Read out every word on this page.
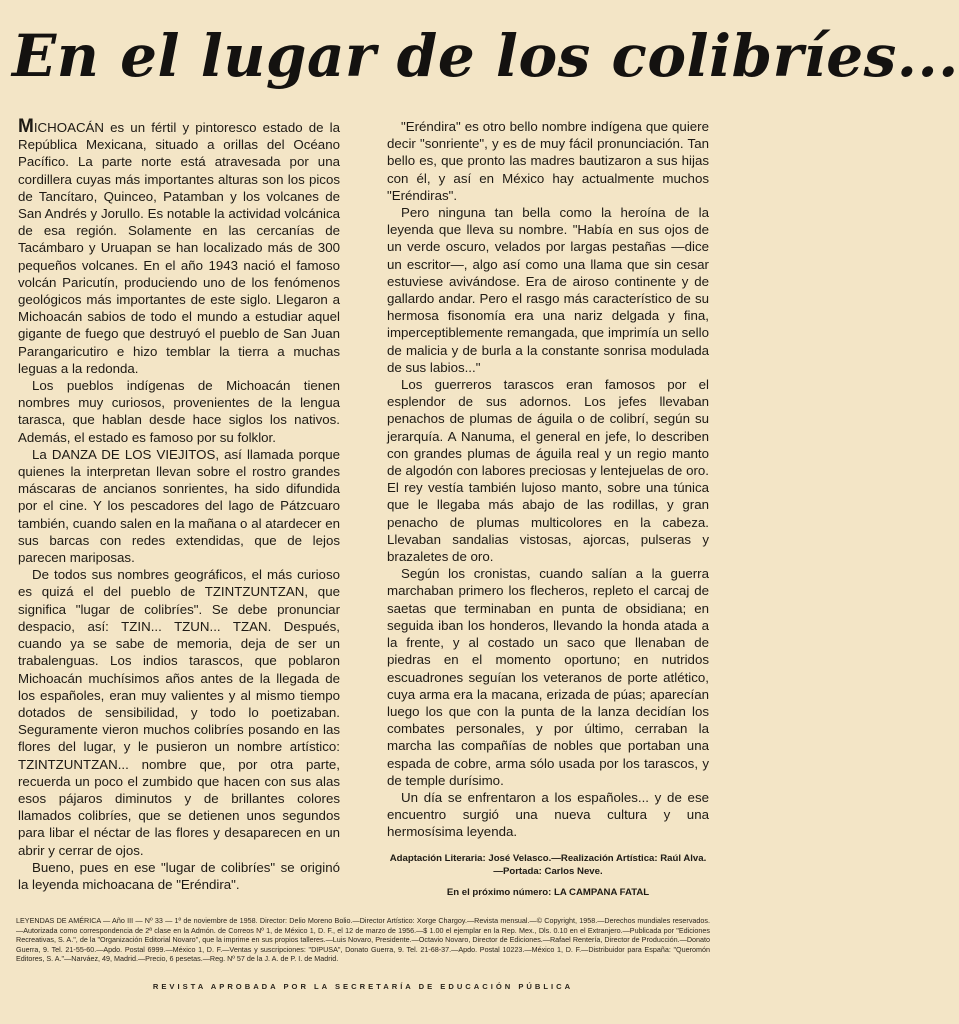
En el lugar de los colibríes...

MICHOACÁN es un fértil y pintoresco estado de la República Mexicana, situado a orillas del Océano Pacífico. La parte norte está atravesada por una cordillera cuyas más importantes alturas son los picos de Tancítaro, Quinceo, Patamban y los volcanes de San Andrés y Jorullo. Es notable la actividad volcánica de esa región. Solamente en las cercanías de Tacámbaro y Uruapan se han localizado más de 300 pequeños volcanes. En el año 1943 nació el famoso volcán Paricutín, produciendo uno de los fenómenos geológicos más importantes de este siglo. Llegaron a Michoacán sabios de todo el mundo a estudiar aquel gigante de fuego que destruyó el pueblo de San Juan Parangaricutiro e hizo temblar la tierra a muchas leguas a la redonda.

Los pueblos indígenas de Michoacán tienen nombres muy curiosos, provenientes de la lengua tarasca, que hablan desde hace siglos los nativos. Además, el estado es famoso por su folklor.

La DANZA DE LOS VIEJITOS, así llamada porque quienes la interpretan llevan sobre el rostro grandes máscaras de ancianos sonrientes, ha sido difundida por el cine. Y los pescadores del lago de Pátzcuaro también, cuando salen en la mañana o al atardecer en sus barcas con redes extendidas, que de lejos parecen mariposas.

De todos sus nombres geográficos, el más curioso es quizá el del pueblo de TZINTZUNTZAN, que significa "lugar de colibríes". Se debe pronunciar despacio, así: TZIN... TZUN... TZAN. Después, cuando ya se sabe de memoria, deja de ser un trabalenguas. Los indios tarascos, que poblaron Michoacán muchísimos años antes de la llegada de los españoles, eran muy valientes y al mismo tiempo dotados de sensibilidad, y todo lo poetizaban. Seguramente vieron muchos colibríes posando en las flores del lugar, y le pusieron un nombre artístico: TZINTZUNTZAN... nombre que, por otra parte, recuerda un poco el zumbido que hacen con sus alas esos pájaros diminutos y de brillantes colores llamados colibríes, que se detienen unos segundos para libar el néctar de las flores y desaparecen en un abrir y cerrar de ojos.

Bueno, pues en ese "lugar de colibríes" se originó la leyenda michoacana de "Eréndira".

"Eréndira" es otro bello nombre indígena que quiere decir "sonriente", y es de muy fácil pronunciación. Tan bello es, que pronto las madres bautizaron a sus hijas con él, y así en México hay actualmente muchos "Eréndiras".

Pero ninguna tan bella como la heroína de la leyenda que lleva su nombre. "Había en sus ojos de un verde oscuro, velados por largas pestañas —dice un escritor—, algo así como una llama que sin cesar estuviese avivándose. Era de airoso continente y de gallardo andar. Pero el rasgo más característico de su hermosa fisonomía era una nariz delgada y fina, imperceptiblemente remangada, que imprimía un sello de malicia y de burla a la constante sonrisa modulada de sus labios..."

Los guerreros tarascos eran famosos por el esplendor de sus adornos. Los jefes llevaban penachos de plumas de águila o de colibrí, según su jerarquía. A Nanuma, el general en jefe, lo describen con grandes plumas de águila real y un regio manto de algodón con labores preciosas y lentejuelas de oro. El rey vestía también lujoso manto, sobre una túnica que le llegaba más abajo de las rodillas, y gran penacho de plumas multicolores en la cabeza. Llevaban sandalias vistosas, ajorcas, pulseras y brazaletes de oro.

Según los cronistas, cuando salían a la guerra marchaban primero los flecheros, repleto el carcaj de saetas que terminaban en punta de obsidiana; en seguida iban los honderos, llevando la honda atada a la frente, y al costado un saco que llenaban de piedras en el momento oportuno; en nutridos escuadrones seguían los veteranos de porte atlético, cuya arma era la macana, erizada de púas; aparecían luego los que con la punta de la lanza decidían los combates personales, y por último, cerraban la marcha las compañías de nobles que portaban una espada de cobre, arma sólo usada por los tarascos, y de temple durísimo.

Un día se enfrentaron a los españoles... y de ese encuentro surgió una nueva cultura y una hermosísima leyenda.

Adaptación Literaria: José Velasco.—Realización Artística: Raúl Alva.—Portada: Carlos Neve.
En el próximo número: LA CAMPANA FATAL
LEYENDAS DE AMÉRICA — Año III — Nº 33 — 1º de noviembre de 1958. Director: Delio Moreno Bolio.—Director Artístico: Xorge Chargoy.—Revista mensual.—© Copyright, 1958.—Derechos mundiales reservados.—Autorizada como correspondencia de 2ª clase en la Admón. de Correos Nº 1, de México 1, D. F., el 12 de marzo de 1956.—$ 1.00 el ejemplar en la Rep. Mex., Dls. 0.10 en el Extranjero.—Publicada por "Ediciones Recreativas, S. A.", de la "Organización Editorial Novaro", que la imprime en sus propios talleres.—Luis Novaro, Presidente.—Octavio Novaro, Director de Ediciones.—Rafael Rentería, Director de Producción.—Donato Guerra, 9. Tel. 21-55-60.—Apdo. Postal 6999.—México 1, D. F.—Ventas y suscripciones: "DIPUSA", Donato Guerra, 9. Tel. 21-68-37.—Apdo. Postal 10223.—México 1, D. F.—Distribuidor para España: "Queromón Editores, S. A."—Narváez, 49, Madrid.—Precio, 6 pesetas.—Reg. Nº 57 de la J. A. de P. I. de Madrid.
REVISTA APROBADA POR LA SECRETARÍA DE EDUCACIÓN PÚBLICA
